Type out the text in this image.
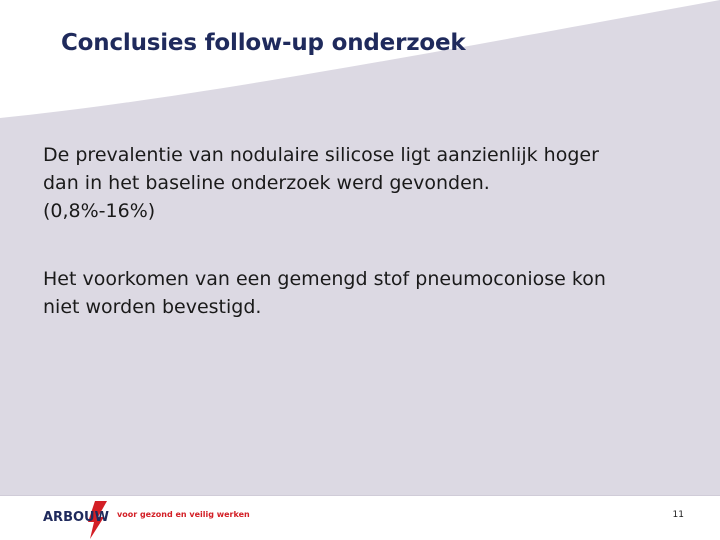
Conclusies follow-up onderzoek

De prevalentie van nodulaire silicose ligt aanzienlijk hoger
dan in het baseline onderzoek werd gevonden.
(0,8%-16%)

Het voorkomen van een gemengd stof pneumoconiose kon
niet worden bevestigd.

ARBOUW voor gezond en veilig werken	11
